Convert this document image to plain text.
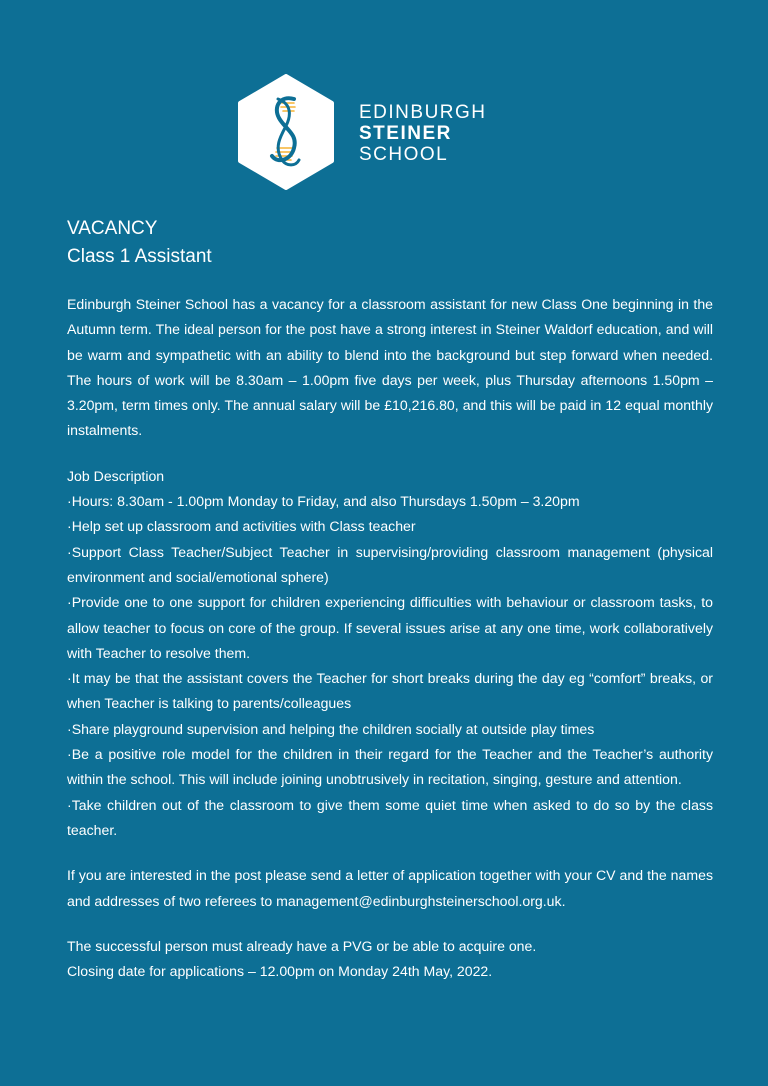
EDINBURGH
STEINER
SCHOOL
VACANCY
Class 1 Assistant

Edinburgh Steiner School has a vacancy for a classroom assistant for new Class One beginning in the Autumn term. The ideal person for the post have a strong interest in Steiner Waldorf education, and will be warm and sympathetic with an ability to blend into the background but step forward when needed. The hours of work will be 8.30am – 1.00pm five days per week, plus Thursday afternoons 1.50pm – 3.20pm, term times only. The annual salary will be £10,216.80, and this will be paid in 12 equal monthly instalments.

Job Description

·Hours: 8.30am - 1.00pm Monday to Friday, and also Thursdays 1.50pm – 3.20pm

·Help set up classroom and activities with Class teacher

·Support Class Teacher/Subject Teacher in supervising/providing classroom management (physical environment and social/emotional sphere)

·Provide one to one support for children experiencing difficulties with behaviour or classroom tasks, to allow teacher to focus on core of the group. If several issues arise at any one time, work collaboratively with Teacher to resolve them.

·It may be that the assistant covers the Teacher for short breaks during the day eg “comfort” breaks, or when Teacher is talking to parents/colleagues

·Share playground supervision and helping the children socially at outside play times

·Be a positive role model for the children in their regard for the Teacher and the Teacher’s authority within the school. This will include joining unobtrusively in recitation, singing, gesture and attention.

·Take children out of the classroom to give them some quiet time when asked to do so by the class teacher.

If you are interested in the post please send a letter of application together with your CV and the names and addresses of two referees to management@edinburghsteinerschool.org.uk.

The successful person must already have a PVG or be able to acquire one.

Closing date for applications – 12.00pm on Monday 24th May, 2022.
